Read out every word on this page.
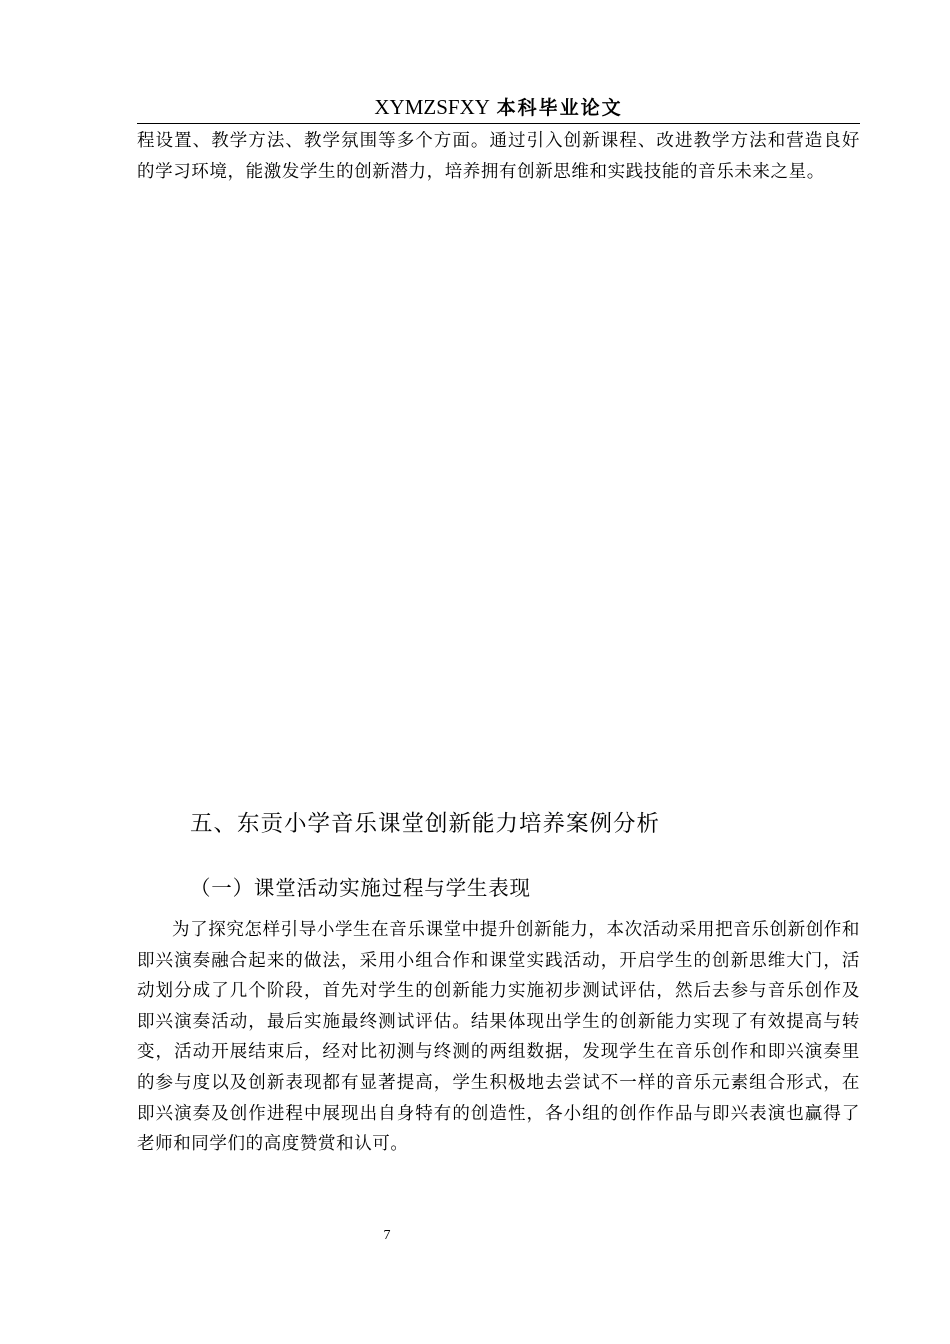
XYMZSFXY 本科毕业论文

程设置、教学方法、教学氛围等多个方面。通过引入创新课程、改进教学方法和营造良好的学习环境，能激发学生的创新潜力，培养拥有创新思维和实践技能的音乐未来之星。

五、东贡小学音乐课堂创新能力培养案例分析
（一）课堂活动实施过程与学生表现

为了探究怎样引导小学生在音乐课堂中提升创新能力，本次活动采用把音乐创新创作和即兴演奏融合起来的做法，采用小组合作和课堂实践活动，开启学生的创新思维大门，活动划分成了几个阶段，首先对学生的创新能力实施初步测试评估，然后去参与音乐创作及即兴演奏活动，最后实施最终测试评估。结果体现出学生的创新能力实现了有效提高与转变，活动开展结束后，经对比初测与终测的两组数据，发现学生在音乐创作和即兴演奏里的参与度以及创新表现都有显著提高，学生积极地去尝试不一样的音乐元素组合形式，在即兴演奏及创作进程中展现出自身特有的创造性，各小组的创作作品与即兴表演也赢得了老师和同学们的高度赞赏和认可。

7
